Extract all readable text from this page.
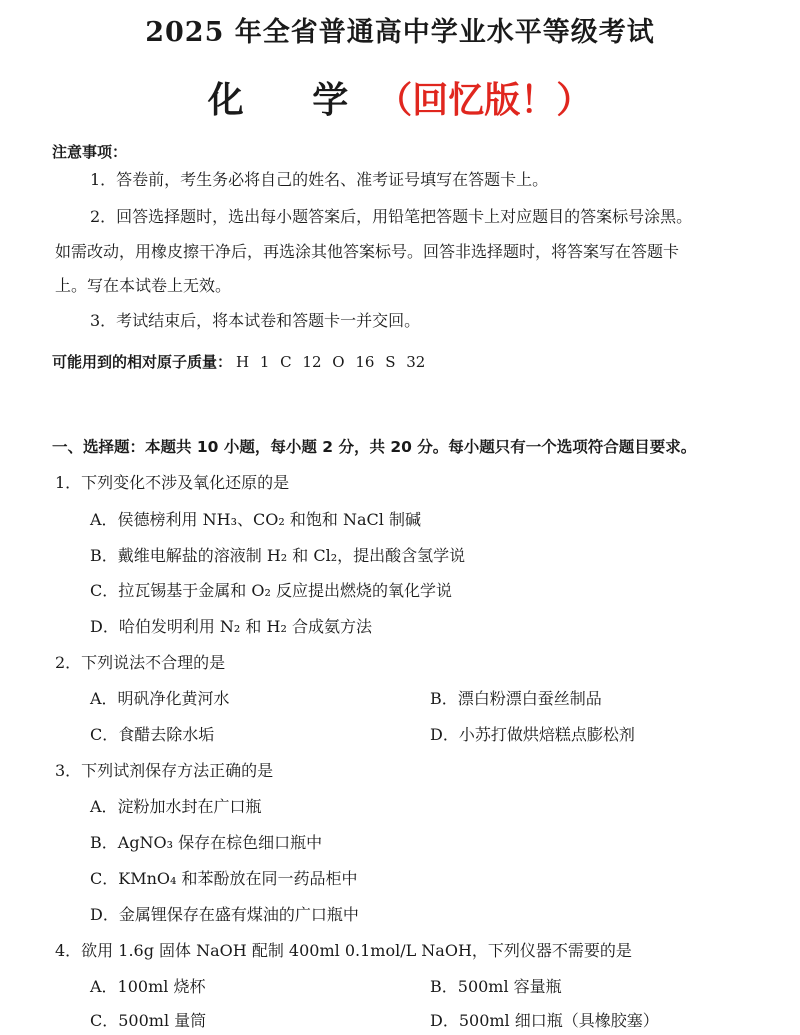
2025 年全省普通高中学业水平等级考试
化 学（回忆版！）
注意事项：
1．答卷前，考生务必将自己的姓名、准考证号填写在答题卡上。
2．回答选择题时，选出每小题答案后，用铅笔把答题卡上对应题目的答案标号涂黑。
如需改动，用橡皮擦干净后，再选涂其他答案标号。回答非选择题时，将答案写在答题卡
上。写在本试卷上无效。
3．考试结束后，将本试卷和答题卡一并交回。
可能用到的相对原子质量： H 1 C 12 O 16 S 32
一、选择题：本题共 10 小题，每小题 2 分，共 20 分。每小题只有一个选项符合题目要求。
1．下列变化不涉及氧化还原的是
A．侯德榜利用 NH₃、CO₂ 和饱和 NaCl 制碱
B．戴维电解盐的溶液制 H₂ 和 Cl₂，提出酸含氢学说
C．拉瓦锡基于金属和 O₂ 反应提出燃烧的氧化学说
D．哈伯发明利用 N₂ 和 H₂ 合成氨方法
2．下列说法不合理的是
A．明矾净化黄河水	B．漂白粉漂白蚕丝制品
C．食醋去除水垢	D．小苏打做烘焙糕点膨松剂
3．下列试剂保存方法正确的是
A．淀粉加水封在广口瓶
B．AgNO₃ 保存在棕色细口瓶中
C．KMnO₄ 和苯酚放在同一药品柜中
D．金属锂保存在盛有煤油的广口瓶中
4．欲用 1.6g 固体 NaOH 配制 400ml 0.1mol/L NaOH，下列仪器不需要的是
A．100ml 烧杯	B．500ml 容量瓶
C．500ml 量筒	D．500ml 细口瓶（具橡胶塞）
